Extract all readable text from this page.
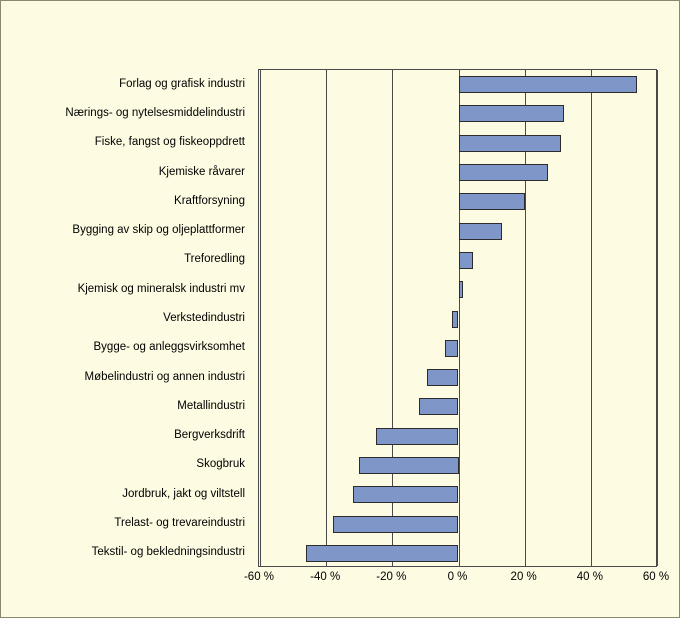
Forlag og grafisk industri
Nærings- og nytelsesmiddelindustri
Fiske, fangst og fiskeoppdrett
Kjemiske råvarer
Kraftforsyning
Bygging av skip og oljeplattformer
Treforedling
Kjemisk og mineralsk industri mv
Verkstedindustri
Bygge- og anleggsvirksomhet
Møbelindustri og annen industri
Metallindustri
Bergverksdrift
Skogbruk
Jordbruk, jakt og viltstell
Trelast- og trevareindustri
Tekstil- og bekledningsindustri
-60 %	-40 %	-20 %	0 %	20 %	40 %	60 %
